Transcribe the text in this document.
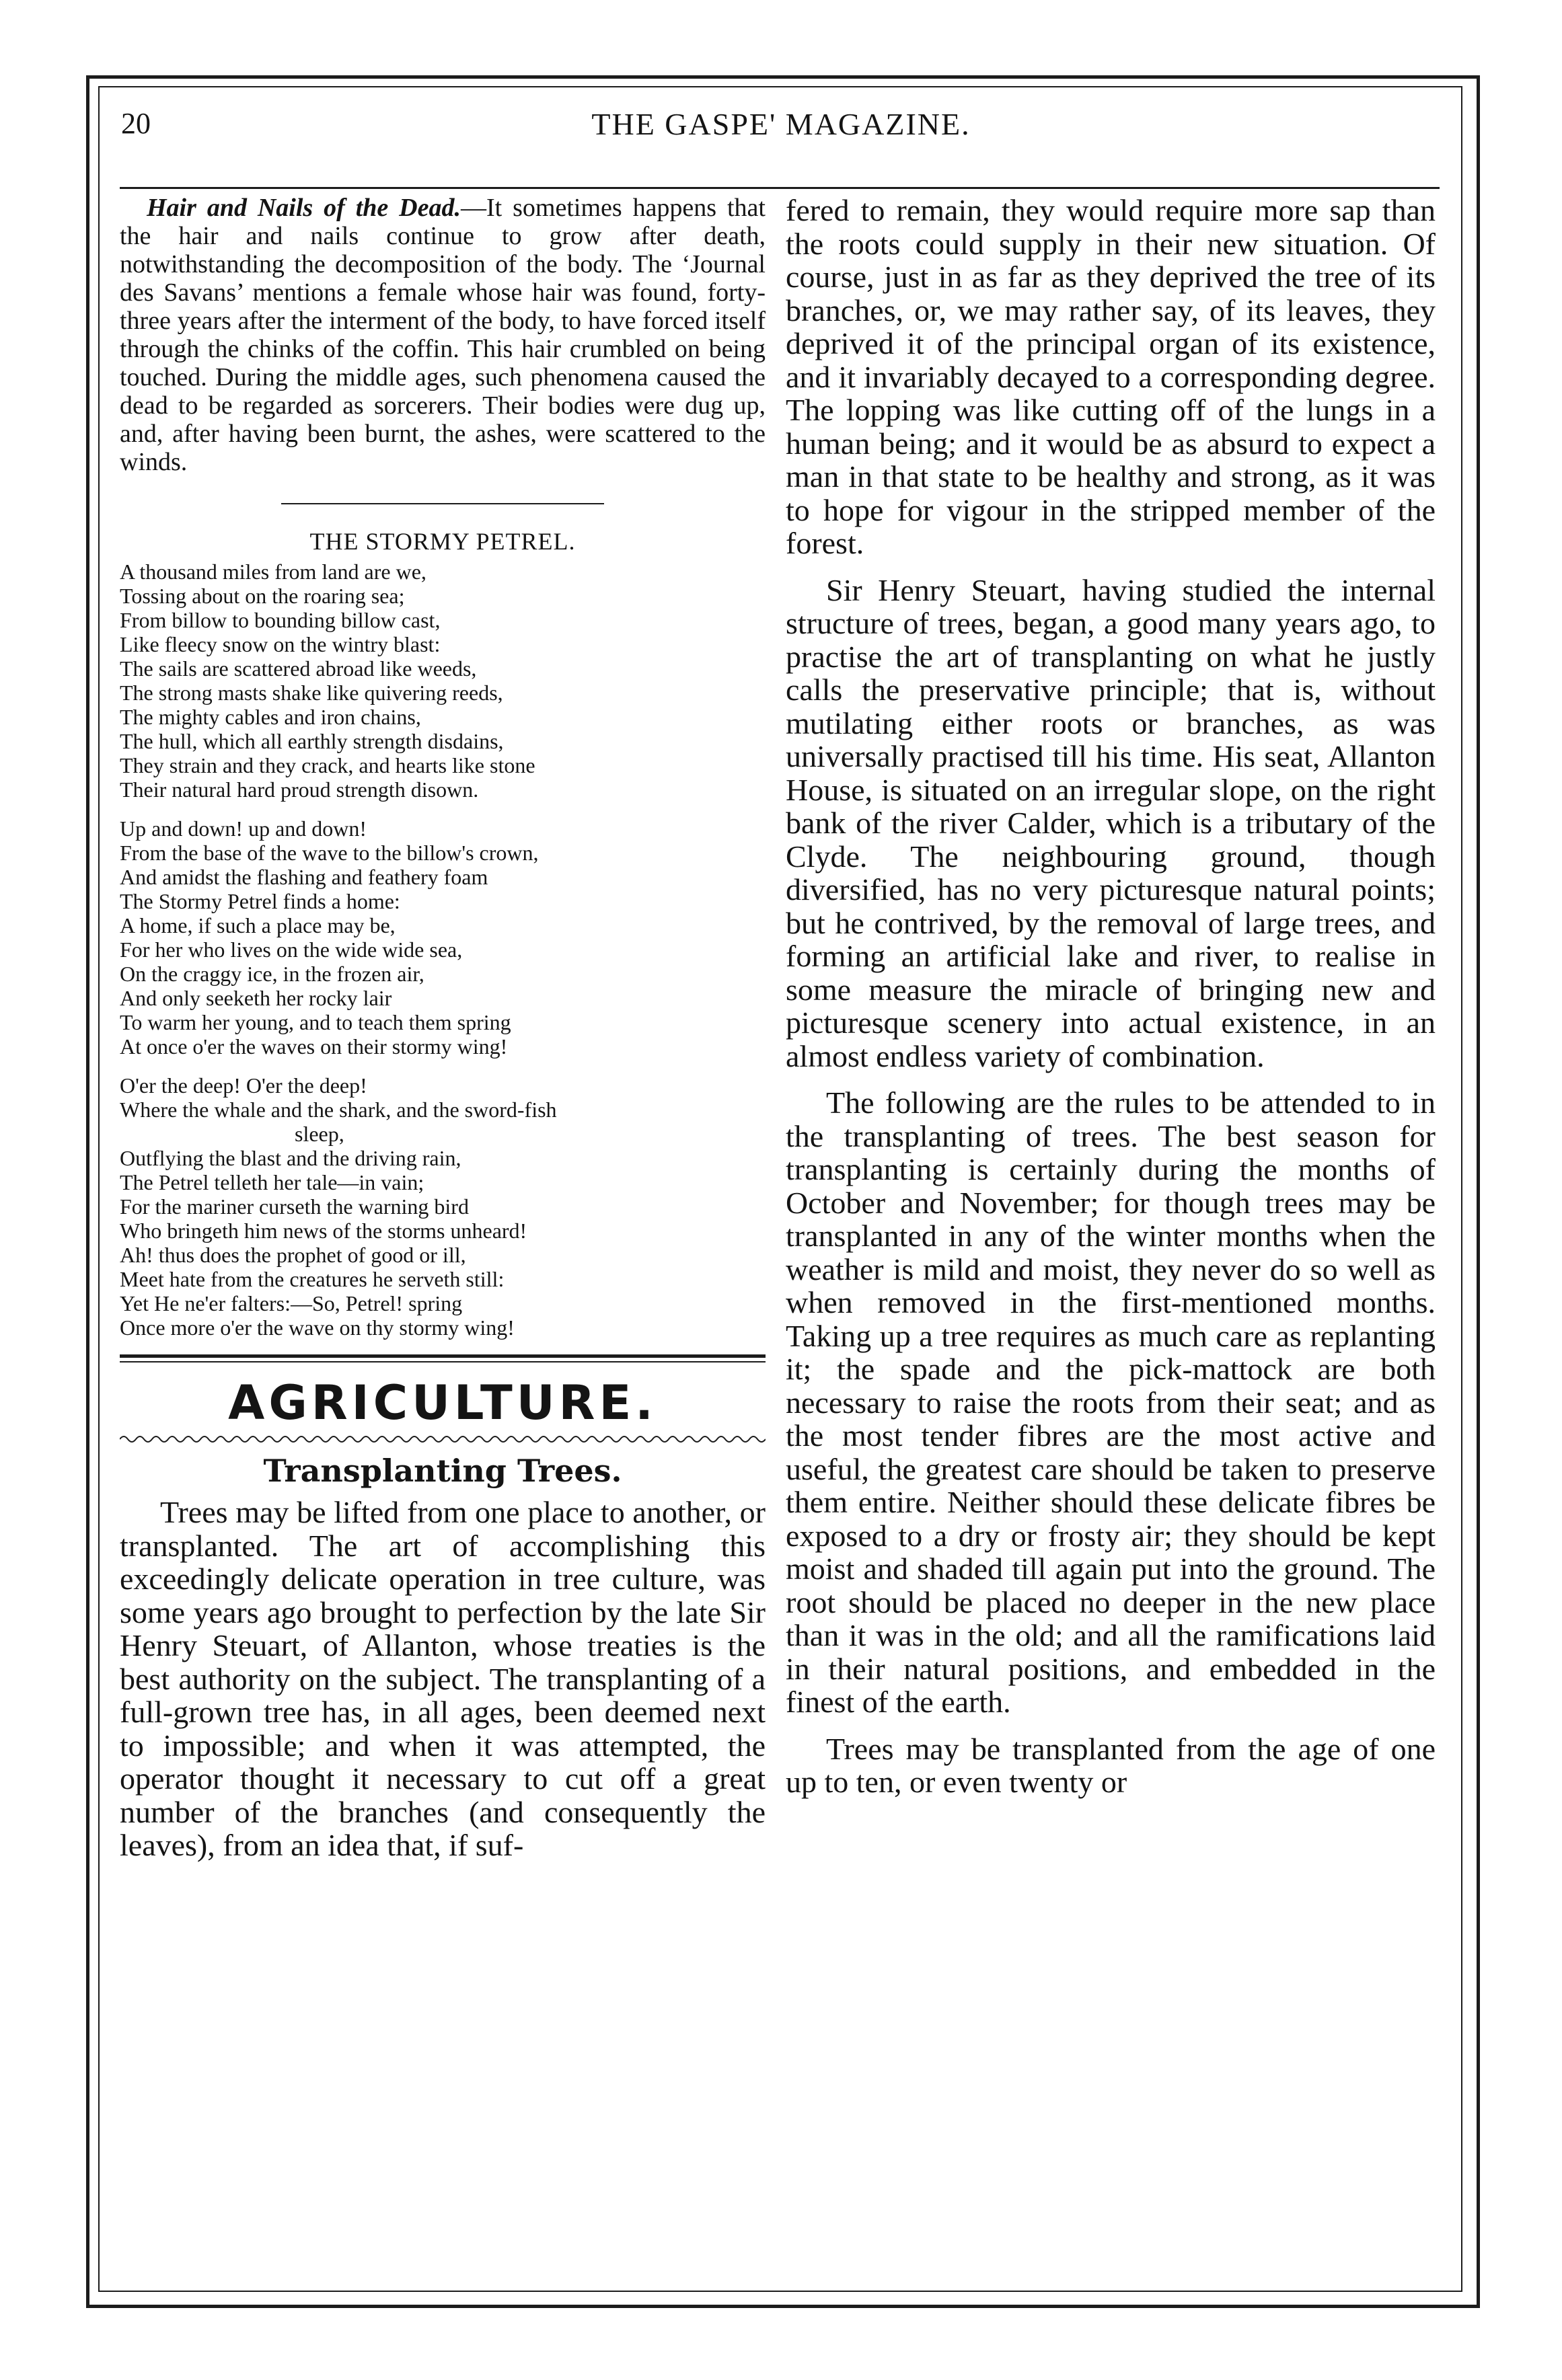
20	THE GASPE' MAGAZINE.

Hair and Nails of the Dead.—It sometimes happens that the hair and nails continue to grow after death, notwithstanding the decomposition of the body. The ‘Journal des Savans’ mentions a female whose hair was found, forty-three years after the interment of the body, to have forced itself through the chinks of the coffin. This hair crumbled on being touched. During the middle ages, such phenomena caused the dead to be regarded as sorcerers. Their bodies were dug up, and, after having been burnt, the ashes, were scattered to the winds.

THE STORMY PETREL.
A thousand miles from land are we,
Tossing about on the roaring sea;
From billow to bounding billow cast,
Like fleecy snow on the wintry blast:
The sails are scattered abroad like weeds,
The strong masts shake like quivering reeds,
The mighty cables and iron chains,
The hull, which all earthly strength disdains,
They strain and they crack, and hearts like stone
Their natural hard proud strength disown.
Up and down! up and down!
From the base of the wave to the billow's crown,
And amidst the flashing and feathery foam
The Stormy Petrel finds a home:
A home, if such a place may be,
For her who lives on the wide wide sea,
On the craggy ice, in the frozen air,
And only seeketh her rocky lair
To warm her young, and to teach them spring
At once o'er the waves on their stormy wing!
O'er the deep! O'er the deep!
Where the whale and the shark, and the sword-fish
sleep,
Outflying the blast and the driving rain,
The Petrel telleth her tale—in vain;
For the mariner curseth the warning bird
Who bringeth him news of the storms unheard!
Ah! thus does the prophet of good or ill,
Meet hate from the creatures he serveth still:
Yet He ne'er falters:—So, Petrel! spring
Once more o'er the wave on thy stormy wing!
AGRICULTURE.
Transplanting Trees.

Trees may be lifted from one place to another, or transplanted. The art of accomplishing this exceedingly delicate operation in tree culture, was some years ago brought to perfection by the late Sir Henry Steuart, of Allanton, whose treaties is the best authority on the subject. The transplanting of a full-grown tree has, in all ages, been deemed next to impossible; and when it was attempted, the operator thought it necessary to cut off a great number of the branches (and consequently the leaves), from an idea that, if suf-

fered to remain, they would require more sap than the roots could supply in their new situation. Of course, just in as far as they deprived the tree of its branches, or, we may rather say, of its leaves, they deprived it of the principal organ of its existence, and it invariably decayed to a corresponding degree. The lopping was like cutting off of the lungs in a human being; and it would be as absurd to expect a man in that state to be healthy and strong, as it was to hope for vigour in the stripped member of the forest.

Sir Henry Steuart, having studied the internal structure of trees, began, a good many years ago, to practise the art of transplanting on what he justly calls the preservative principle; that is, without mutilating either roots or branches, as was universally practised till his time. His seat, Allanton House, is situated on an irregular slope, on the right bank of the river Calder, which is a tributary of the Clyde. The neighbouring ground, though diversified, has no very picturesque natural points; but he contrived, by the removal of large trees, and forming an artificial lake and river, to realise in some measure the miracle of bringing new and picturesque scenery into actual existence, in an almost endless variety of combination.

The following are the rules to be attended to in the transplanting of trees. The best season for transplanting is certainly during the months of October and November; for though trees may be transplanted in any of the winter months when the weather is mild and moist, they never do so well as when removed in the first-mentioned months. Taking up a tree requires as much care as replanting it; the spade and the pick-mattock are both necessary to raise the roots from their seat; and as the most tender fibres are the most active and useful, the greatest care should be taken to preserve them entire. Neither should these delicate fibres be exposed to a dry or frosty air; they should be kept moist and shaded till again put into the ground. The root should be placed no deeper in the new place than it was in the old; and all the ramifications laid in their natural positions, and embedded in the finest of the earth.

Trees may be transplanted from the age of one up to ten, or even twenty or
